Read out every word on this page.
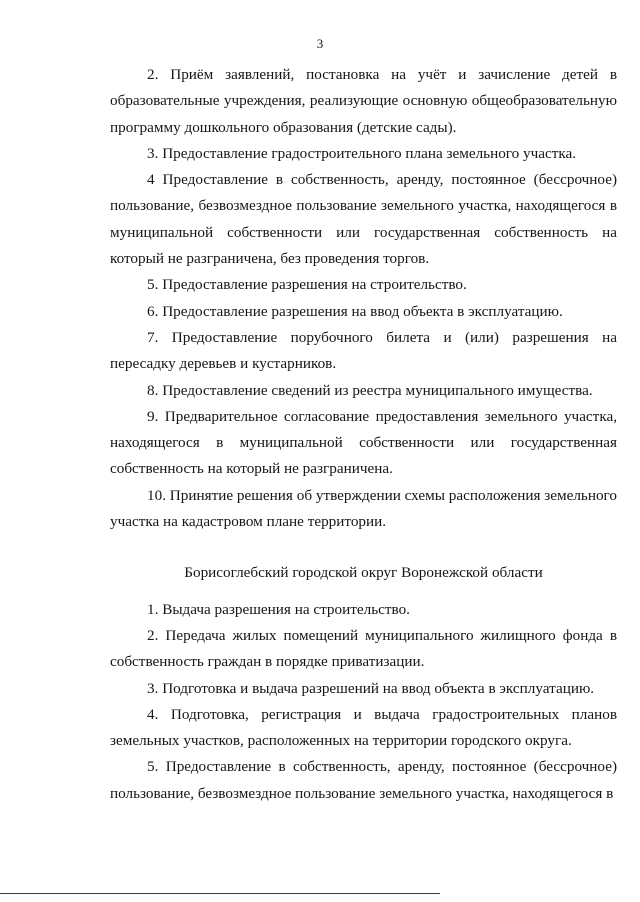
3

2. Приём заявлений, постановка на учёт и зачисление детей в образовательные учреждения, реализующие основную общеобразовательную программу дошкольного образования (детские сады).

3. Предоставление градостроительного плана земельного участка.

4 Предоставление в собственность, аренду, постоянное (бессрочное) пользование, безвозмездное пользование земельного участка, находящегося в муниципальной собственности или государственная собственность на который не разграничена, без проведения торгов.

5. Предоставление разрешения на строительство.

6. Предоставление разрешения на ввод объекта в эксплуатацию.

7. Предоставление порубочного билета и (или) разрешения на пересадку деревьев и кустарников.

8. Предоставление сведений из реестра муниципального имущества.

9. Предварительное согласование предоставления земельного участка, находящегося в муниципальной собственности или государственная собственность на который не разграничена.

10. Принятие решения об утверждении схемы расположения земельного участка на кадастровом плане территории.

Борисоглебский городской округ Воронежской области

1. Выдача разрешения на строительство.

2. Передача жилых помещений муниципального жилищного фонда в собственность граждан в порядке приватизации.

3. Подготовка и выдача разрешений на ввод объекта в эксплуатацию.

4. Подготовка, регистрация и выдача градостроительных планов земельных участков, расположенных на территории городского округа.

5. Предоставление в собственность, аренду, постоянное (бессрочное) пользование, безвозмездное пользование земельного участка, находящегося в
